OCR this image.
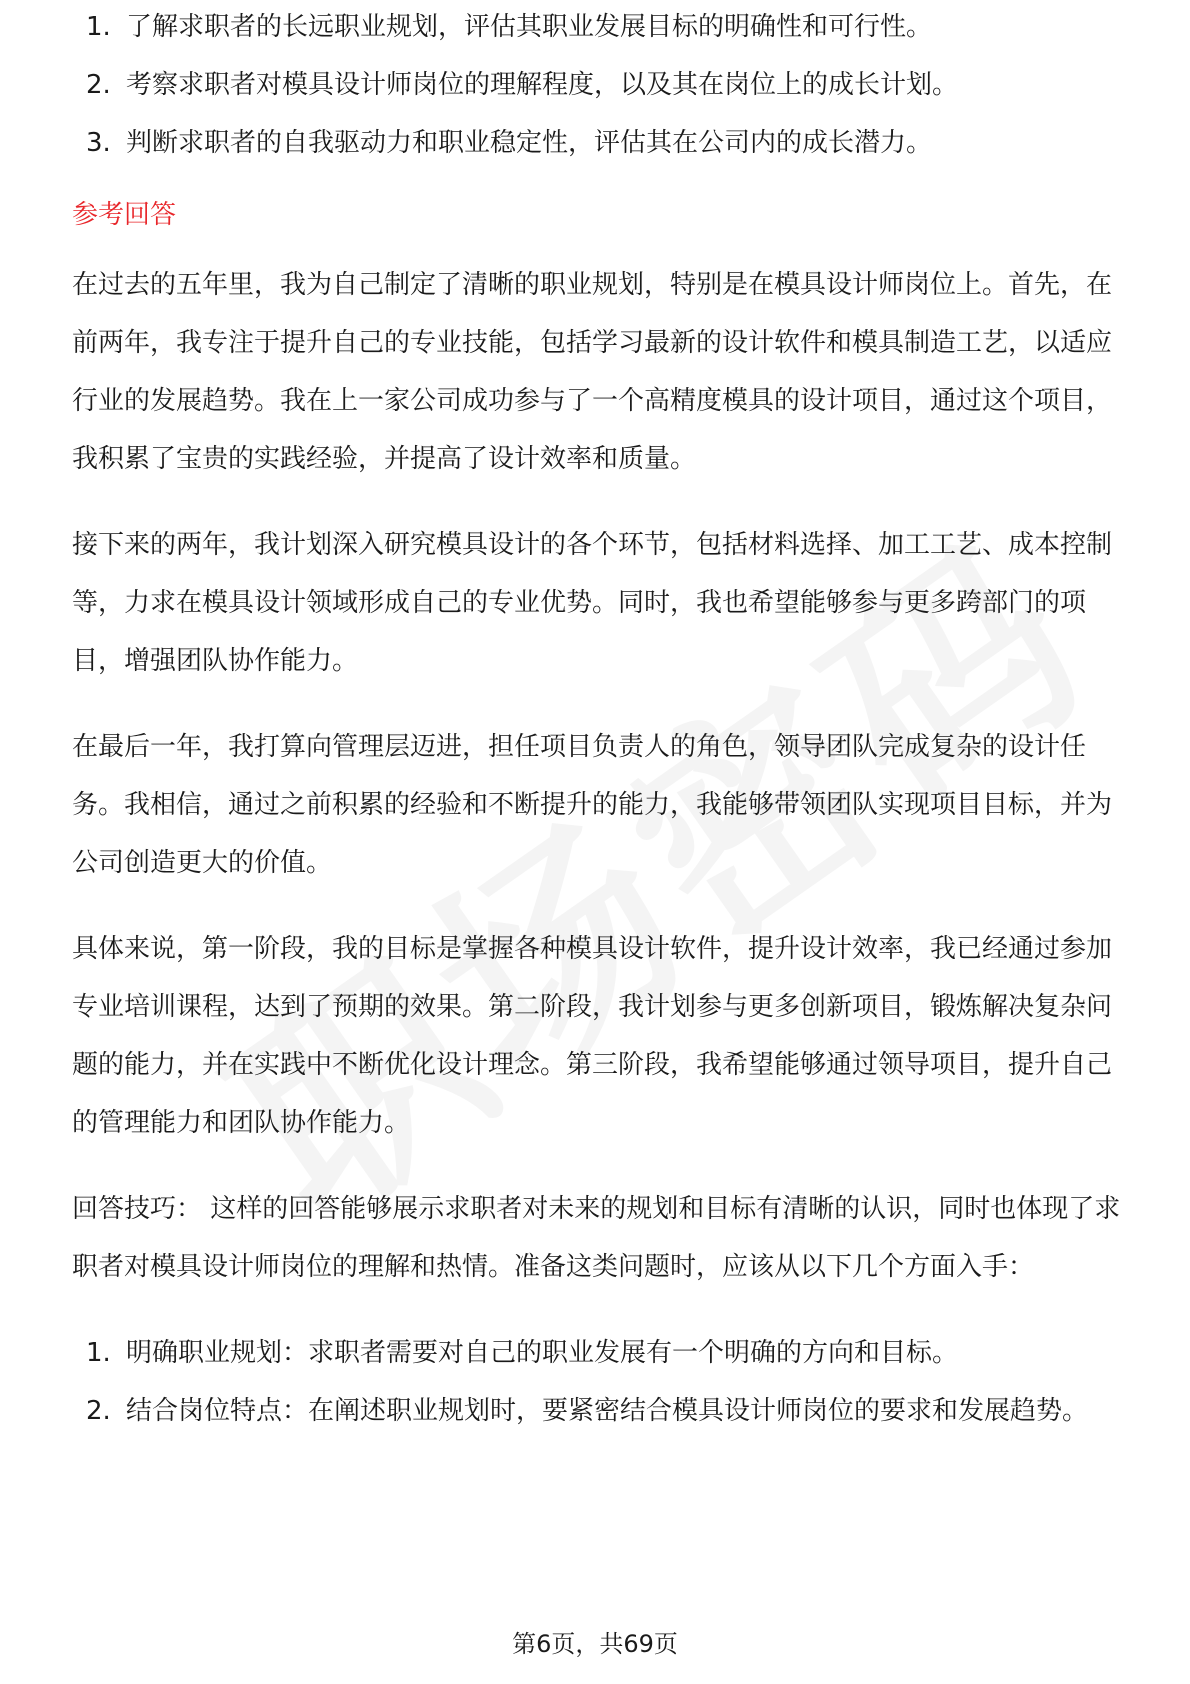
1. 了解求职者的长远职业规划，评估其职业发展目标的明确性和可行性。
2. 考察求职者对模具设计师岗位的理解程度，以及其在岗位上的成长计划。
3. 判断求职者的自我驱动力和职业稳定性，评估其在公司内的成长潜力。
参考回答

在过去的五年里，我为自己制定了清晰的职业规划，特别是在模具设计师岗位上。首先，在前两年，我专注于提升自己的专业技能，包括学习最新的设计软件和模具制造工艺，以适应行业的发展趋势。我在上一家公司成功参与了一个高精度模具的设计项目，通过这个项目，我积累了宝贵的实践经验，并提高了设计效率和质量。

接下来的两年，我计划深入研究模具设计的各个环节，包括材料选择、加工工艺、成本控制等，力求在模具设计领域形成自己的专业优势。同时，我也希望能够参与更多跨部门的项目，增强团队协作能力。

在最后一年，我打算向管理层迈进，担任项目负责人的角色，领导团队完成复杂的设计任务。我相信，通过之前积累的经验和不断提升的能力，我能够带领团队实现项目目标，并为公司创造更大的价值。

具体来说，第一阶段，我的目标是掌握各种模具设计软件，提升设计效率，我已经通过参加专业培训课程，达到了预期的效果。第二阶段，我计划参与更多创新项目，锻炼解决复杂问题的能力，并在实践中不断优化设计理念。第三阶段，我希望能够通过领导项目，提升自己的管理能力和团队协作能力。

回答技巧： 这样的回答能够展示求职者对未来的规划和目标有清晰的认识，同时也体现了求职者对模具设计师岗位的理解和热情。准备这类问题时，应该从以下几个方面入手：

1. 明确职业规划：求职者需要对自己的职业发展有一个明确的方向和目标。
2. 结合岗位特点：在阐述职业规划时，要紧密结合模具设计师岗位的要求和发展趋势。
第6页，共69页
